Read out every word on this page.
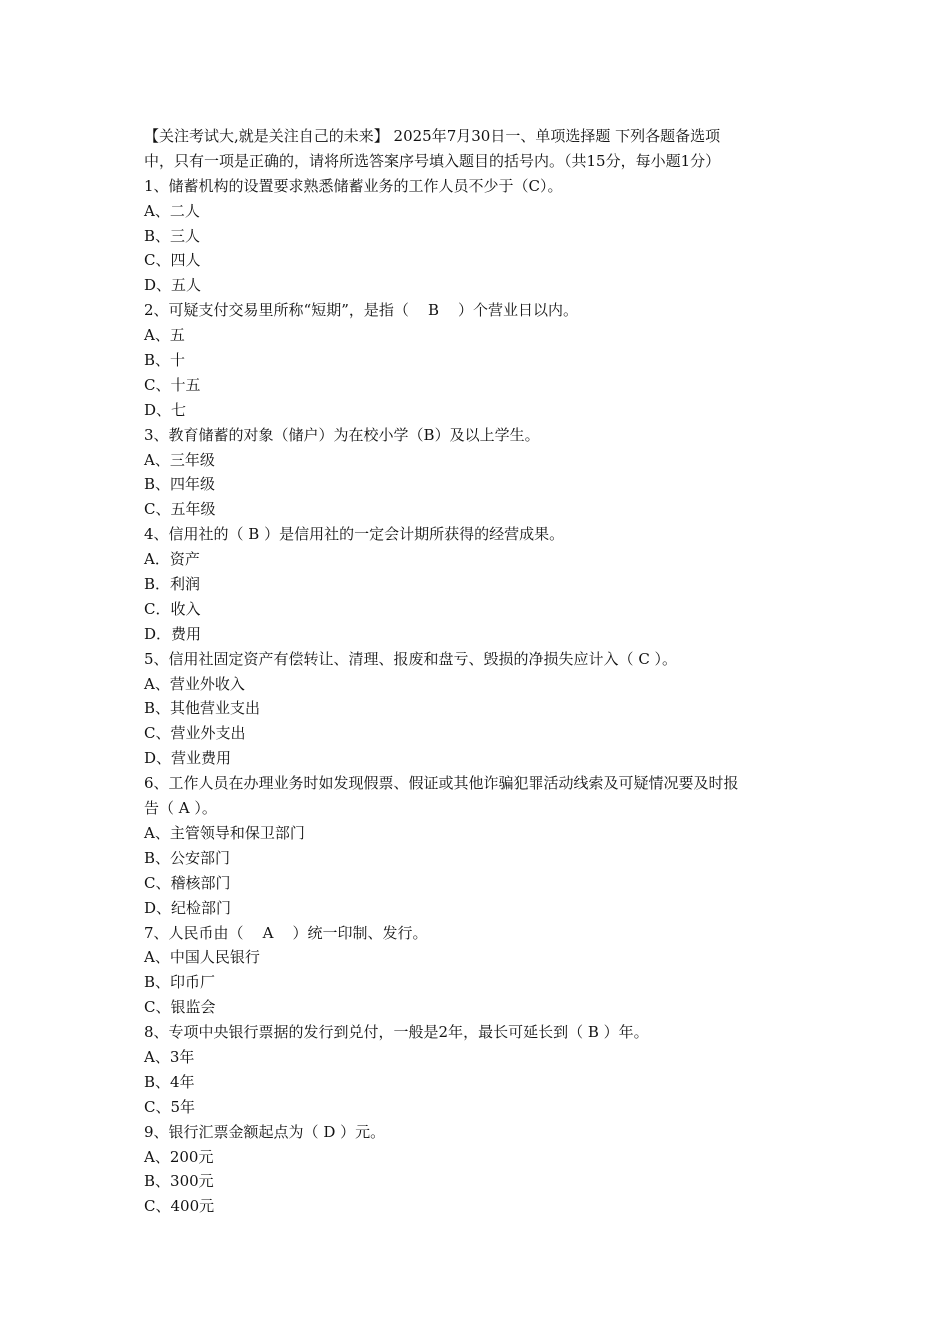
【关注考试大,就是关注自己的未来】 2025年7月30日一、单项选择题 下列各题备选项
中，只有一项是正确的，请将所选答案序号填入题目的括号内。（共15分，每小题1分）
1、储蓄机构的设置要求熟悉储蓄业务的工作人员不少于（C）。
A、二人
B、三人
C、四人
D、五人
2、可疑支付交易里所称“短期”，是指（    B    ）个营业日以内。
A、五
B、十
C、十五
D、七
3、教育储蓄的对象（储户）为在校小学（B）及以上学生。
A、三年级
B、四年级
C、五年级
4、信用社的（ B ）是信用社的一定会计期所获得的经营成果。
A．资产
B．利润
C．收入
D．费用
5、信用社固定资产有偿转让、清理、报废和盘亏、毁损的净损失应计入（ C ）。
A、营业外收入
B、其他营业支出
C、营业外支出
D、营业费用
6、工作人员在办理业务时如发现假票、假证或其他诈骗犯罪活动线索及可疑情况要及时报
告（ A ）。
A、主管领导和保卫部门
B、公安部门
C、稽核部门
D、纪检部门
7、人民币由（    A    ）统一印制、发行。
A、中国人民银行
B、印币厂
C、银监会
8、专项中央银行票据的发行到兑付，一般是2年，最长可延长到（ B ）年。
A、3年
B、4年
C、5年
9、银行汇票金额起点为（ D ）元。
A、200元
B、300元
C、400元
